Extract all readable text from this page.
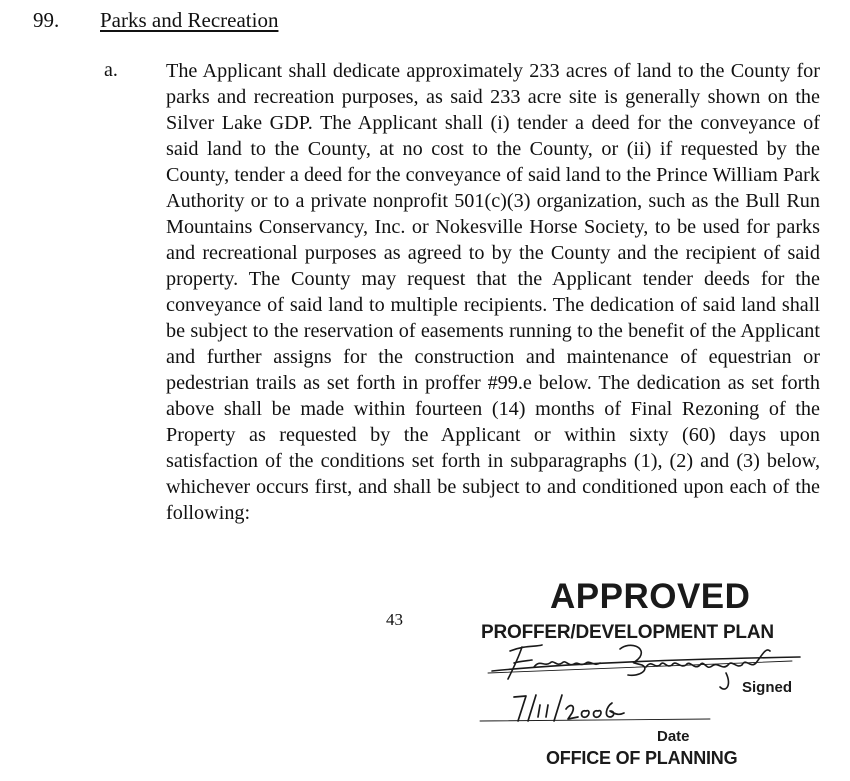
99. Parks and Recreation
a. The Applicant shall dedicate approximately 233 acres of land to the County for parks and recreation purposes, as said 233 acre site is generally shown on the Silver Lake GDP. The Applicant shall (i) tender a deed for the conveyance of said land to the County, at no cost to the County, or (ii) if requested by the County, tender a deed for the conveyance of said land to the Prince William Park Authority or to a private nonprofit 501(c)(3) organization, such as the Bull Run Mountains Conservancy, Inc. or Nokesville Horse Society, to be used for parks and recreational purposes as agreed to by the County and the recipient of said property. The County may request that the Applicant tender deeds for the conveyance of said land to multiple recipients. The dedication of said land shall be subject to the reservation of easements running to the benefit of the Applicant and further assigns for the construction and maintenance of equestrian or pedestrian trails as set forth in proffer #99.e below. The dedication as set forth above shall be made within fourteen (14) months of Final Rezoning of the Property as requested by the Applicant or within sixty (60) days upon satisfaction of the conditions set forth in subparagraphs (1), (2) and (3) below, whichever occurs first, and shall be subject to and conditioned upon each of the following:

43
APPROVED
PROFFER/DEVELOPMENT PLAN
Signed
Date
OFFICE OF PLANNING
